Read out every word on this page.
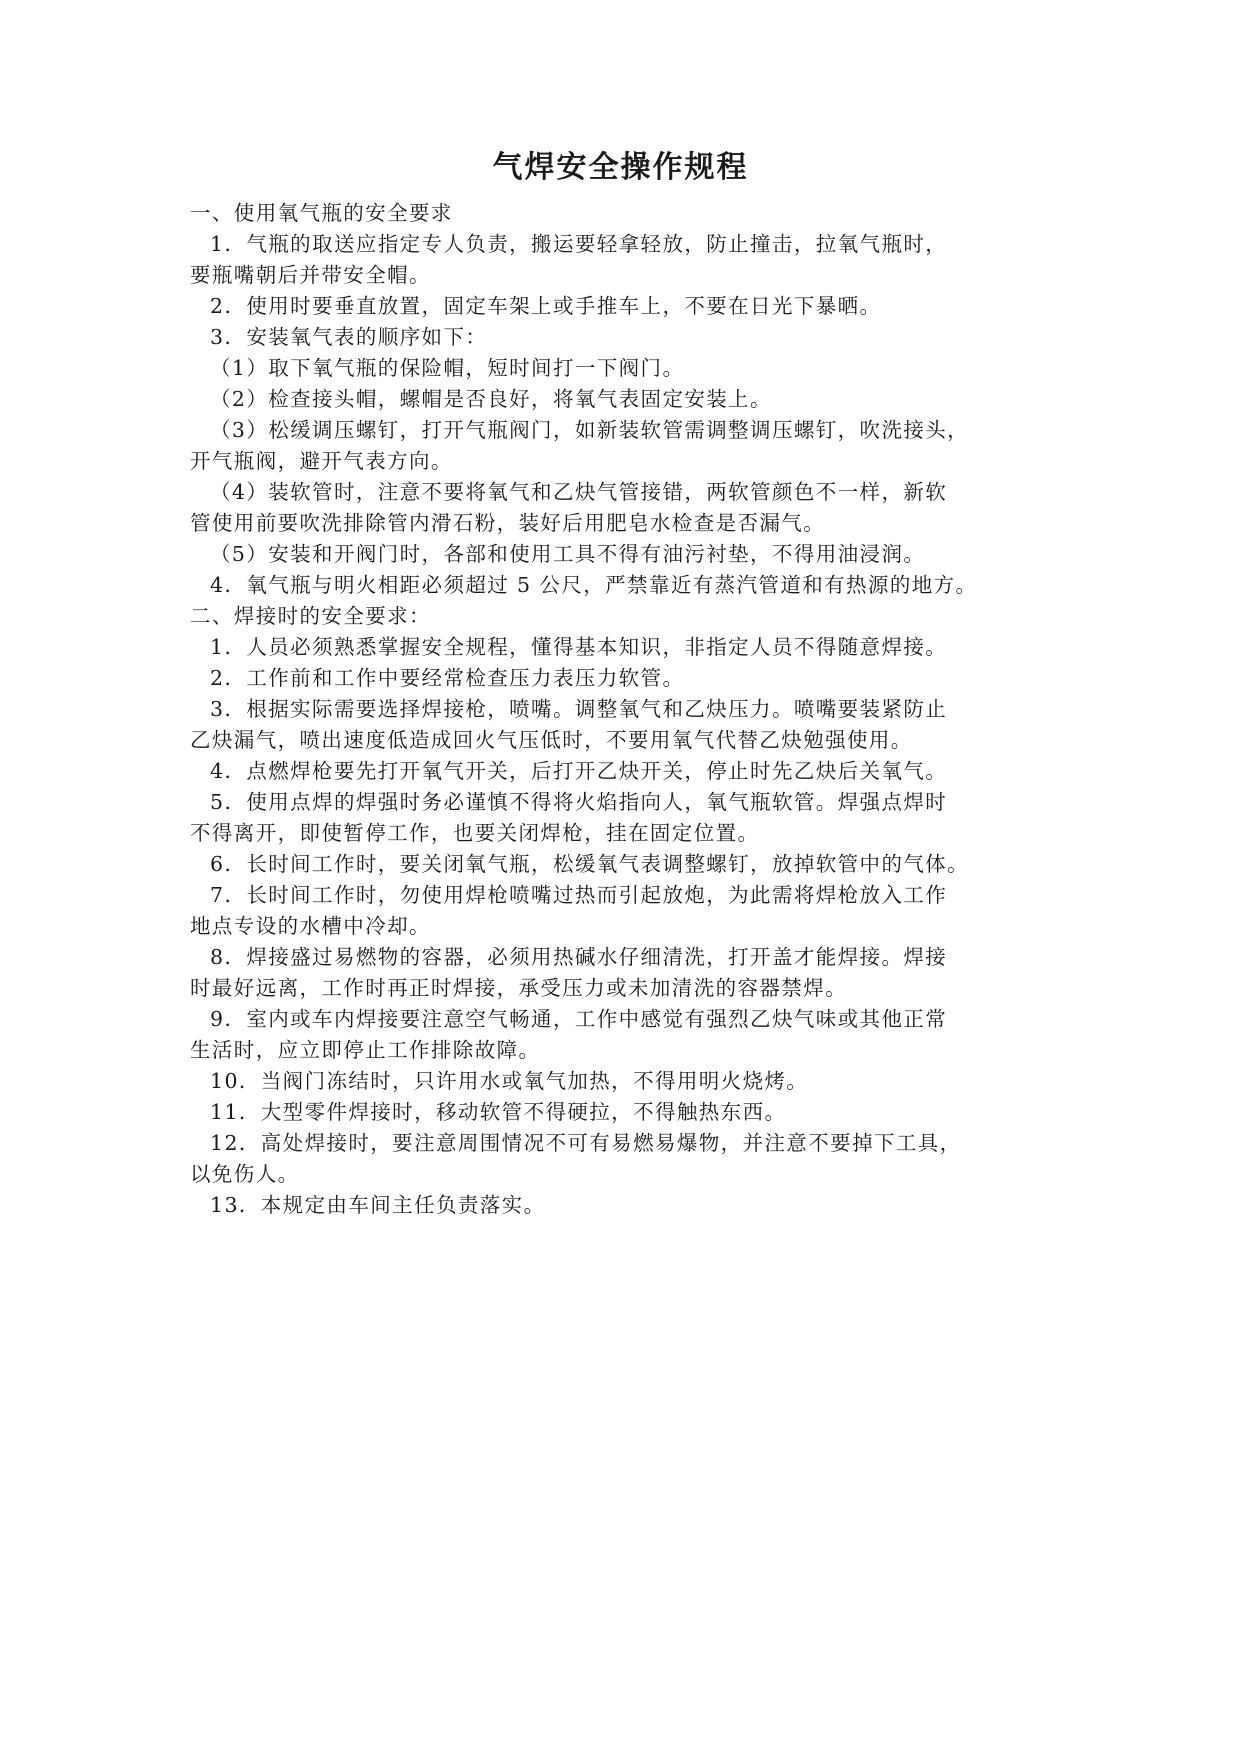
气焊安全操作规程

一、使用氧气瓶的安全要求

1．气瓶的取送应指定专人负责，搬运要轻拿轻放，防止撞击，拉氧气瓶时，

要瓶嘴朝后并带安全帽。

2．使用时要垂直放置，固定车架上或手推车上，不要在日光下暴晒。

3．安装氧气表的顺序如下：

（1）取下氧气瓶的保险帽，短时间打一下阀门。

（2）检查接头帽，螺帽是否良好，将氧气表固定安装上。

（3）松缓调压螺钉，打开气瓶阀门，如新装软管需调整调压螺钉，吹洗接头，

开气瓶阀，避开气表方向。

（4）装软管时，注意不要将氧气和乙炔气管接错，两软管颜色不一样，新软

管使用前要吹洗排除管内滑石粉，装好后用肥皂水检查是否漏气。

（5）安装和开阀门时，各部和使用工具不得有油污衬垫，不得用油浸润。

4．氧气瓶与明火相距必须超过 5 公尺，严禁靠近有蒸汽管道和有热源的地方。

二、焊接时的安全要求：

1．人员必须熟悉掌握安全规程，懂得基本知识，非指定人员不得随意焊接。

2．工作前和工作中要经常检查压力表压力软管。

3．根据实际需要选择焊接枪，喷嘴。调整氧气和乙炔压力。喷嘴要装紧防止

乙炔漏气，喷出速度低造成回火气压低时，不要用氧气代替乙炔勉强使用。

4．点燃焊枪要先打开氧气开关，后打开乙炔开关，停止时先乙炔后关氧气。

5．使用点焊的焊强时务必谨慎不得将火焰指向人，氧气瓶软管。焊强点焊时

不得离开，即使暂停工作，也要关闭焊枪，挂在固定位置。

6．长时间工作时，要关闭氧气瓶，松缓氧气表调整螺钉，放掉软管中的气体。

7．长时间工作时，勿使用焊枪喷嘴过热而引起放炮，为此需将焊枪放入工作

地点专设的水槽中冷却。

8．焊接盛过易燃物的容器，必须用热碱水仔细清洗，打开盖才能焊接。焊接

时最好远离，工作时再正时焊接，承受压力或未加清洗的容器禁焊。

9．室内或车内焊接要注意空气畅通，工作中感觉有强烈乙炔气味或其他正常

生活时，应立即停止工作排除故障。

10．当阀门冻结时，只许用水或氧气加热，不得用明火烧烤。

11．大型零件焊接时，移动软管不得硬拉，不得触热东西。

12．高处焊接时，要注意周围情况不可有易燃易爆物，并注意不要掉下工具，

以免伤人。

13．本规定由车间主任负责落实。
